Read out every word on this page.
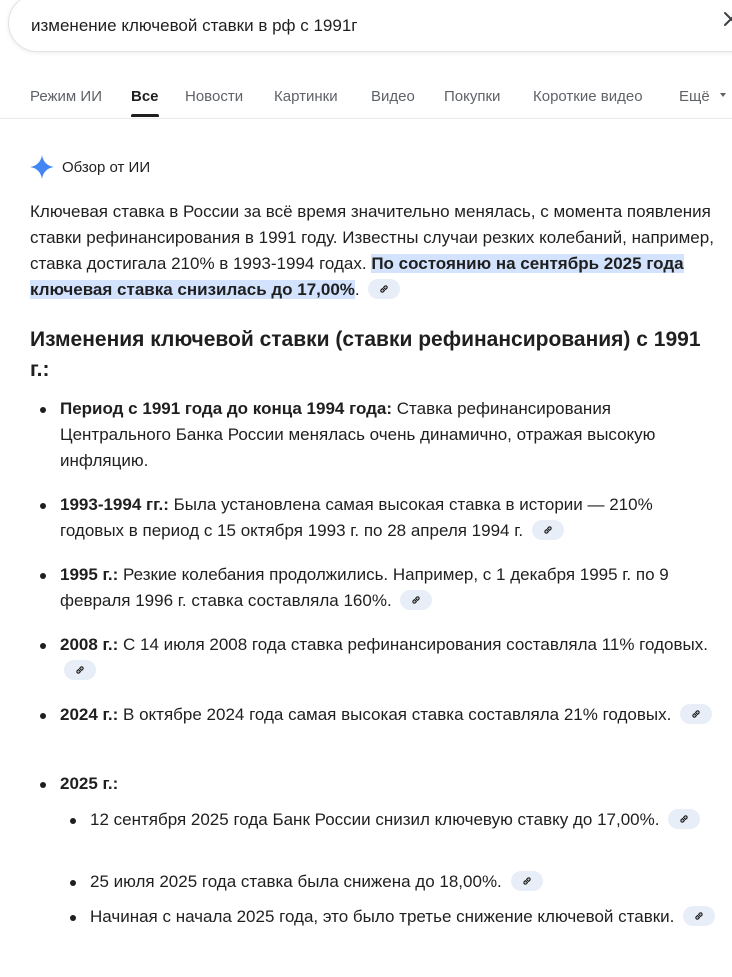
изменение ключевой ставки в рф с 1991г
Режим ИИ Все Новости Картинки Видео Покупки Короткие видео Ещё
Обзор от ИИ
Ключевая ставка в России за всё время значительно менялась, с момента появления ставки рефинансирования в 1991 году. Известны случаи резких колебаний, например, ставка достигала 210% в 1993-1994 годах. По состоянию на сентябрь 2025 года ключевая ставка снизилась до 17,00%.
Изменения ключевой ставки (ставки рефинансирования) с 1991 г.:
Период с 1991 года до конца 1994 года: Ставка рефинансирования Центрального Банка России менялась очень динамично, отражая высокую инфляцию.
1993-1994 гг.: Была установлена самая высокая ставка в истории — 210% годовых в период с 15 октября 1993 г. по 28 апреля 1994 г.
1995 г.: Резкие колебания продолжились. Например, с 1 декабря 1995 г. по 9 февраля 1996 г. ставка составляла 160%.
2008 г.: С 14 июля 2008 года ставка рефинансирования составляла 11% годовых.
2024 г.: В октябре 2024 года самая высокая ставка составляла 21% годовых.
2025 г.:
12 сентября 2025 года Банк России снизил ключевую ставку до 17,00%.
25 июля 2025 года ставка была снижена до 18,00%.
Начиная с начала 2025 года, это было третье снижение ключевой ставки.
